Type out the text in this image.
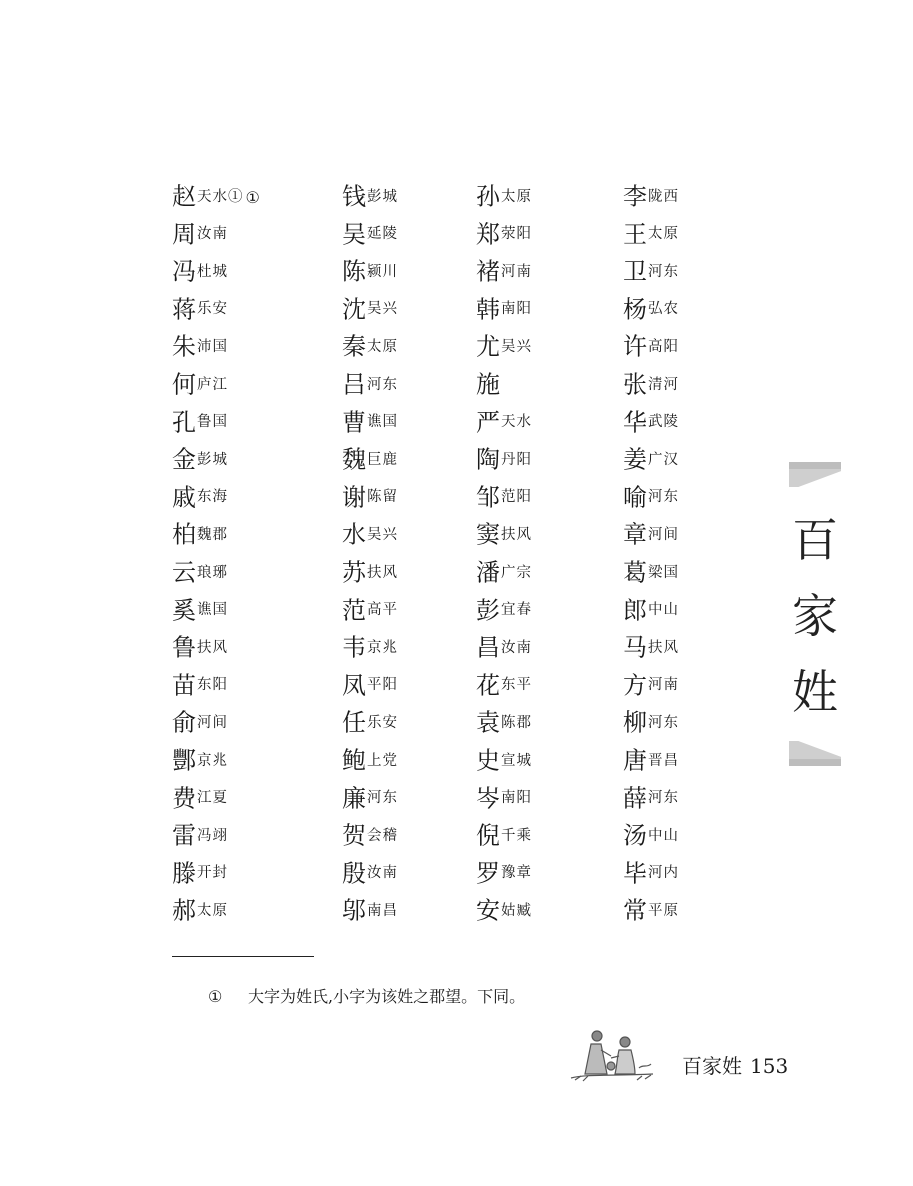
赵天水① ①	钱彭城	孙太原	李陇西
周汝南	吴延陵	郑荥阳	王太原
冯杜城	陈颍川	褚河南	卫河东
蒋乐安	沈吴兴	韩南阳	杨弘农
朱沛国	秦太原	尤吴兴	许高阳
何庐江	吕河东	施	张清河
孔鲁国	曹谯国	严天水	华武陵
金彭城	魏巨鹿	陶丹阳	姜广汉
戚东海	谢陈留	邹范阳	喻河东
柏魏郡	水吴兴	窦扶风	章河间
云琅琊	苏扶风	潘广宗	葛梁国
奚谯国	范高平	彭宜春	郎中山
鲁扶风	韦京兆	昌汝南	马扶风
苗东阳	凤平阳	花东平	方河南
俞河间	任乐安	袁陈郡	柳河东
酆京兆	鲍上党	史宣城	唐晋昌
费江夏	廉河东	岑南阳	薛河东
雷冯翊	贺会稽	倪千乘	汤中山
滕开封	殷汝南	罗豫章	毕河内
郝太原	邬南昌	安姑臧	常平原
① 大字为姓氏,小字为该姓之郡望。下同。
百
家
姓
百家姓 153
